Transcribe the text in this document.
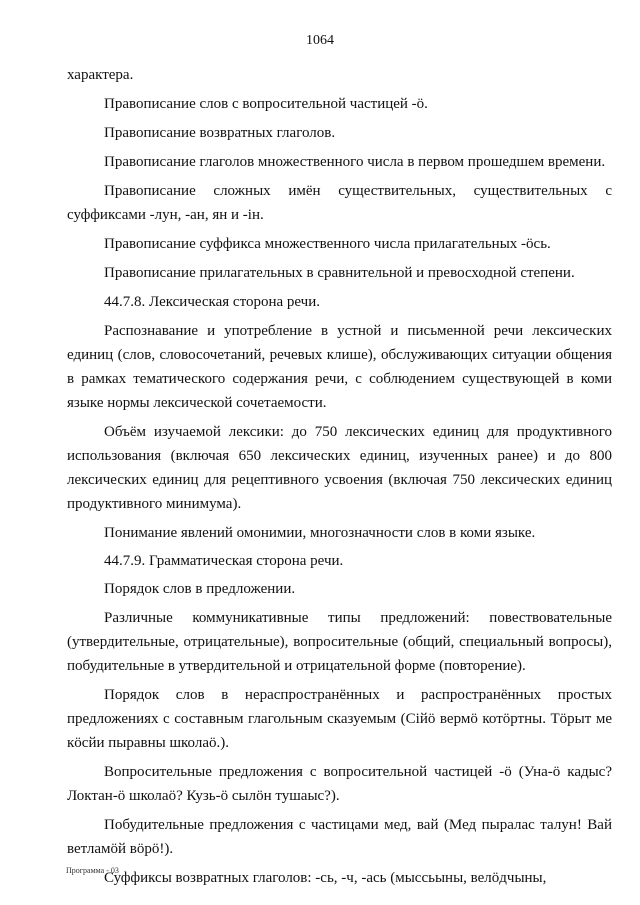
1064

характера.

Правописание слов с вопросительной частицей -ö.

Правописание возвратных глаголов.

Правописание глаголов множественного числа в первом прошедшем времени.

Правописание сложных имён существительных, существительных с суффиксами -лун, -ан, ян и -iн.

Правописание суффикса множественного числа прилагательных -öсь.

Правописание прилагательных в сравнительной и превосходной степени.

44.7.8. Лексическая сторона речи.

Распознавание и употребление в устной и письменной речи лексических единиц (слов, словосочетаний, речевых клише), обслуживающих ситуации общения в рамках тематического содержания речи, с соблюдением существующей в коми языке нормы лексической сочетаемости.

Объём изучаемой лексики: до 750 лексических единиц для продуктивного использования (включая 650 лексических единиц, изученных ранее) и до 800 лексических единиц для рецептивного усвоения (включая 750 лексических единиц продуктивного минимума).

Понимание явлений омонимии, многозначности слов в коми языке.

44.7.9. Грамматическая сторона речи.

Порядок слов в предложении.

Различные коммуникативные типы предложений: повествовательные (утвердительные, отрицательные), вопросительные (общий, специальный вопросы), побудительные в утвердительной и отрицательной форме (повторение).

Порядок слов в нераспространённых и распространённых простых предложениях с составным глагольным сказуемым (Сійö вермö котöртны. Тöрыт ме кöсйи пыравны школаö.).

Вопросительные предложения с вопросительной частицей -ö (Уна-ö кадыс? Локтан-ö школаö? Кузь-ö сылöн тушаыс?).

Побудительные предложения с частицами мед, вай (Мед пыралас талун! Вай ветламöй вöрö!).

Суффиксы возвратных глаголов: -сь, -ч, -ась (мыссьыны, велöдчыны,

Программа - 03
